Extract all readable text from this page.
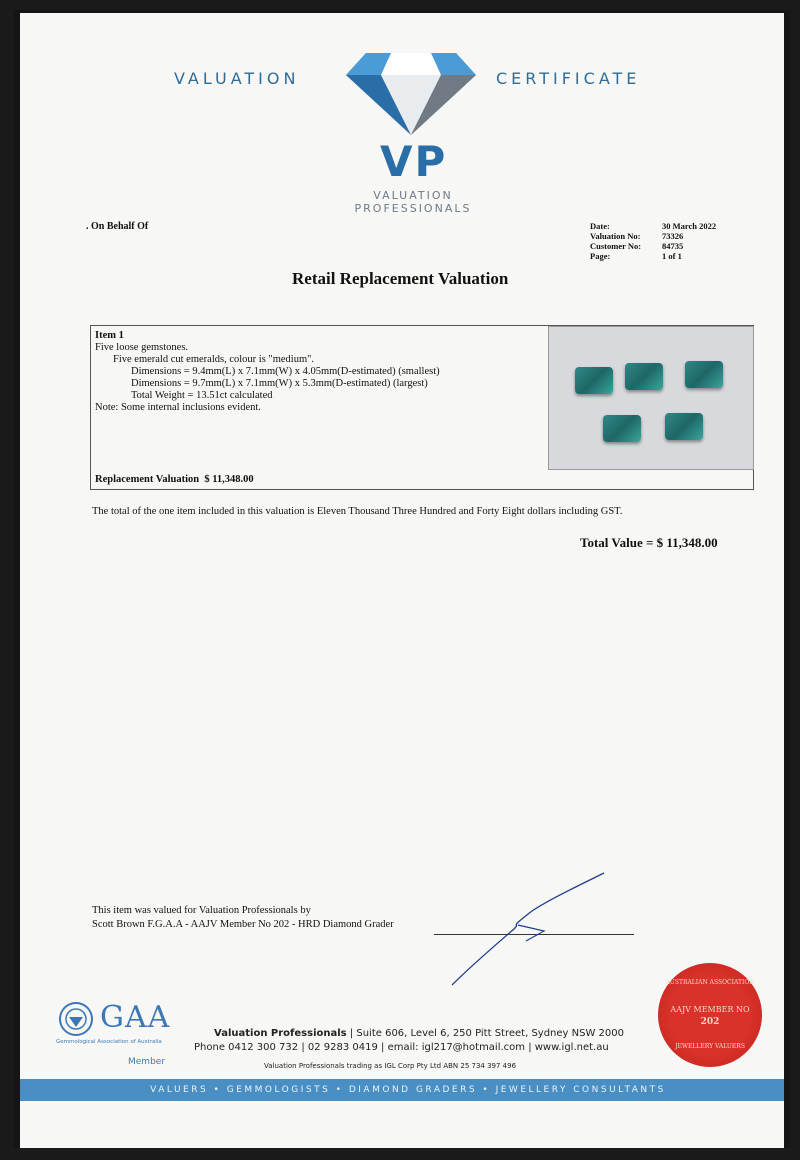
VALUATION	CERTIFICATE
VP
VALUATION
PROFESSIONALS
. On Behalf Of	Date:	30 March 2022
Valuation No:	73326
Customer No:	84735
Page:	1 of 1
Retail Replacement Valuation
Item 1
Five loose gemstones.
Five emerald cut emeralds, colour is "medium".
Dimensions = 9.4mm(L) x 7.1mm(W) x 4.05mm(D-estimated) (smallest)
Dimensions = 9.7mm(L) x 7.1mm(W) x 5.3mm(D-estimated) (largest)
Total Weight = 13.51ct calculated
Note: Some internal inclusions evident.
Replacement Valuation $ 11,348.00
The total of the one item included in this valuation is Eleven Thousand Three Hundred and Forty Eight dollars including GST.
Total Value = $ 11,348.00
This item was valued for Valuation Professionals by
Scott Brown F.G.A.A - AAJV Member No 202 - HRD Diamond Grader
GAA
Gemmological Association of Australia
Member
Valuation Professionals | Suite 606, Level 6, 250 Pitt Street, Sydney NSW 2000
Phone 0412 300 732 | 02 9283 0419 | email: igl217@hotmail.com | www.igl.net.au
Valuation Professionals trading as IGL Corp Pty Ltd ABN 25 734 397 496
AUSTRALIAN ASSOCIATION
AAJV MEMBER NO
202
JEWELLERY VALUERS
VALUERS • GEMMOLOGISTS • DIAMOND GRADERS • JEWELLERY CONSULTANTS
